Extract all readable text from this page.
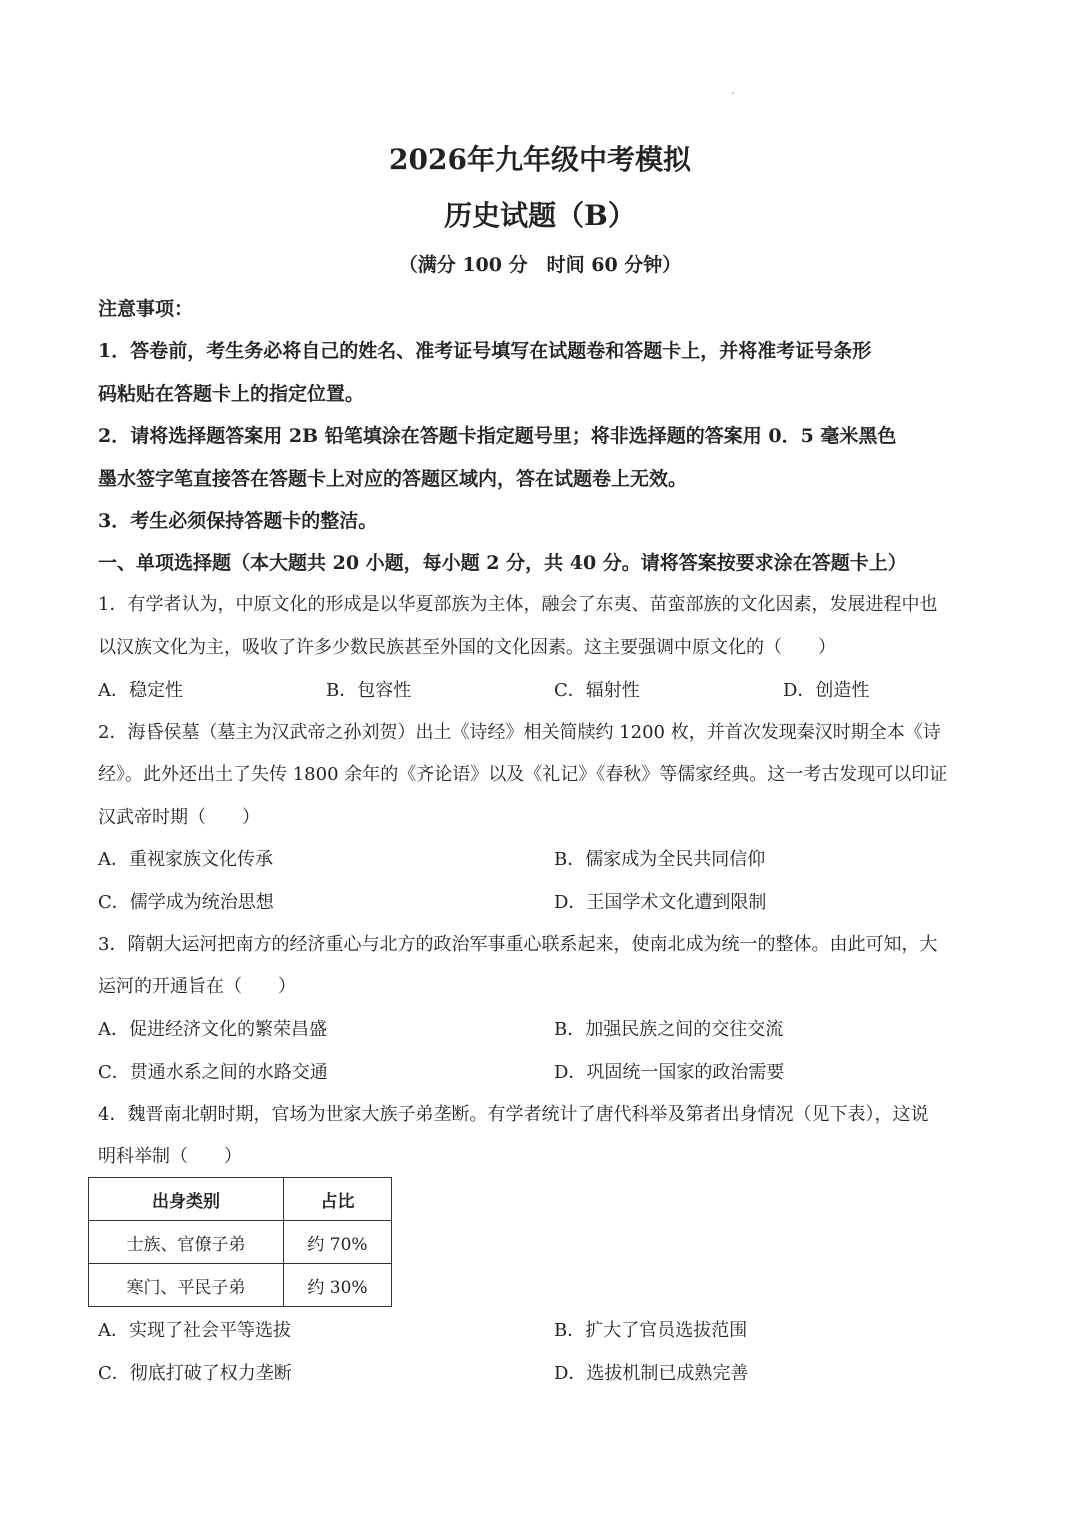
2026年九年级中考模拟
历史试题（B）
（满分 100 分　时间 60 分钟）
注意事项：
1．答卷前，考生务必将自己的姓名、准考证号填写在试题卷和答题卡上，并将准考证号条形
码粘贴在答题卡上的指定位置。
2．请将选择题答案用 2B 铅笔填涂在答题卡指定题号里；将非选择题的答案用 0．5 毫米黑色
墨水签字笔直接答在答题卡上对应的答题区域内，答在试题卷上无效。
3．考生必须保持答题卡的整洁。
一、单项选择题（本大题共 20 小题，每小题 2 分，共 40 分。请将答案按要求涂在答题卡上）
1．有学者认为，中原文化的形成是以华夏部族为主体，融会了东夷、苗蛮部族的文化因素，发展进程中也
以汉族文化为主，吸收了许多少数民族甚至外国的文化因素。这主要强调中原文化的（　　）
A．稳定性	B．包容性	C．辐射性	D．创造性
2．海昏侯墓（墓主为汉武帝之孙刘贺）出土《诗经》相关简牍约 1200 枚，并首次发现秦汉时期全本《诗
经》。此外还出土了失传 1800 余年的《齐论语》以及《礼记》《春秋》等儒家经典。这一考古发现可以印证
汉武帝时期（　　）
A．重视家族文化传承	B．儒家成为全民共同信仰
C．儒学成为统治思想	D．王国学术文化遭到限制
3．隋朝大运河把南方的经济重心与北方的政治军事重心联系起来，使南北成为统一的整体。由此可知，大
运河的开通旨在（　　）
A．促进经济文化的繁荣昌盛	B．加强民族之间的交往交流
C．贯通水系之间的水路交通	D．巩固统一国家的政治需要
4．魏晋南北朝时期，官场为世家大族子弟垄断。有学者统计了唐代科举及第者出身情况（见下表），这说
明科举制（　　）
出身类别	占比
士族、官僚子弟	约 70%
寒门、平民子弟	约 30%
A．实现了社会平等选拔	B．扩大了官员选拔范围
C．彻底打破了权力垄断	D．选拔机制已成熟完善
